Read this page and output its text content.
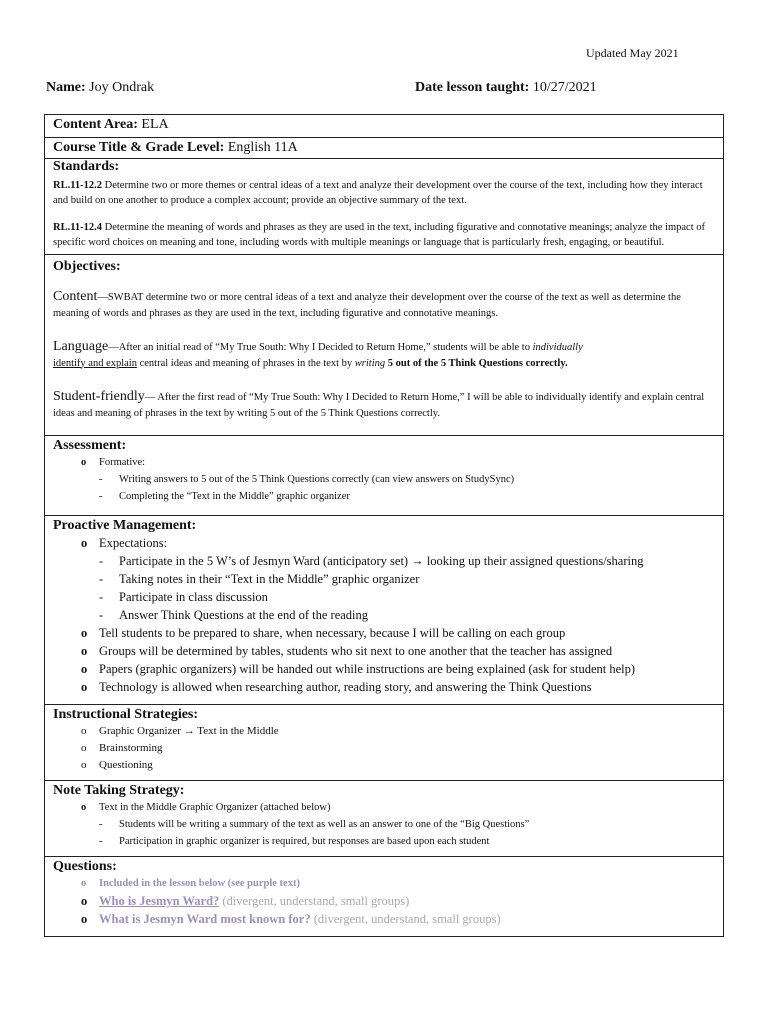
Updated May 2021
Name: Joy Ondrak	Date lesson taught: 10/27/2021
Content Area: ELA
Course Title & Grade Level: English 11A
Standards:
RL.11-12.2 Determine two or more themes or central ideas of a text and analyze their development over the course of the text, including how they interact and build on one another to produce a complex account; provide an objective summary of the text.
RL.11-12.4 Determine the meaning of words and phrases as they are used in the text, including figurative and connotative meanings; analyze the impact of specific word choices on meaning and tone, including words with multiple meanings or language that is particularly fresh, engaging, or beautiful.
Objectives:
Content—SWBAT determine two or more central ideas of a text and analyze their development over the course of the text as well as determine the meaning of words and phrases as they are used in the text, including figurative and connotative meanings.
Language—After an initial read of “My True South: Why I Decided to Return Home,” students will be able to individually
identify and explain central ideas and meaning of phrases in the text by writing 5 out of the 5 Think Questions correctly.
Student-friendly— After the first read of “My True South: Why I Decided to Return Home,” I will be able to individually identify and explain central ideas and meaning of phrases in the text by writing 5 out of the 5 Think Questions correctly.
Assessment:
o Formative:
- Writing answers to 5 out of the 5 Think Questions correctly (can view answers on StudySync)
- Completing the “Text in the Middle” graphic organizer
Proactive Management:
o Expectations:
- Participate in the 5 W’s of Jesmyn Ward (anticipatory set) → looking up their assigned questions/sharing
- Taking notes in their “Text in the Middle” graphic organizer
- Participate in class discussion
- Answer Think Questions at the end of the reading
o Tell students to be prepared to share, when necessary, because I will be calling on each group
o Groups will be determined by tables, students who sit next to one another that the teacher has assigned
o Papers (graphic organizers) will be handed out while instructions are being explained (ask for student help)
o Technology is allowed when researching author, reading story, and answering the Think Questions
Instructional Strategies:
o Graphic Organizer → Text in the Middle
o Brainstorming
o Questioning
Note Taking Strategy:
o Text in the Middle Graphic Organizer (attached below)
- Students will be writing a summary of the text as well as an answer to one of the “Big Questions”
- Participation in graphic organizer is required, but responses are based upon each student
Questions:
o Included in the lesson below (see purple text)
o Who is Jesmyn Ward? (divergent, understand, small groups)
o What is Jesmyn Ward most known for? (divergent, understand, small groups)
